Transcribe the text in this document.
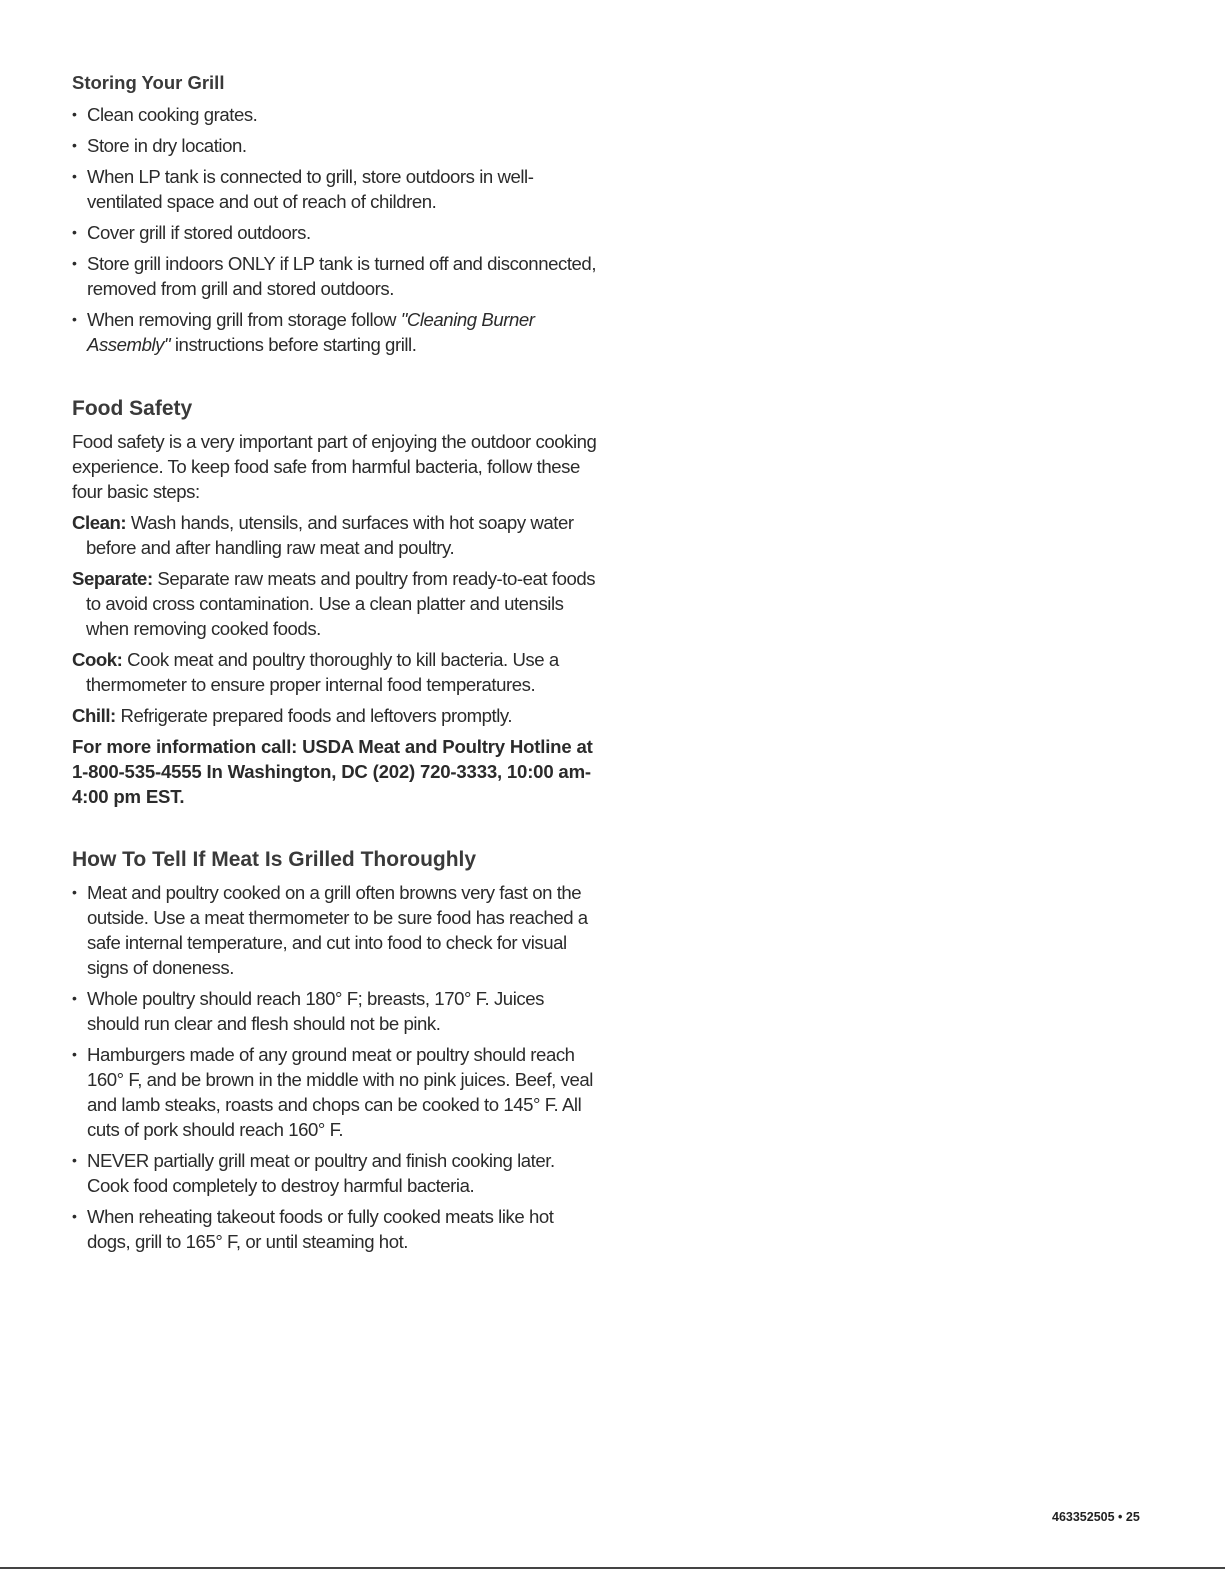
Storing Your Grill
• Clean cooking grates.
• Store in dry location.
• When LP tank is connected to grill, store outdoors in well-ventilated space and out of reach of children.
• Cover grill if stored outdoors.
• Store grill indoors ONLY if LP tank is turned off and disconnected, removed from grill and stored outdoors.
• When removing grill from storage follow "Cleaning Burner Assembly" instructions before starting grill.
Food Safety

Food safety is a very important part of enjoying the outdoor cooking experience. To keep food safe from harmful bacteria, follow these four basic steps:

Clean: Wash hands, utensils, and surfaces with hot soapy water before and after handling raw meat and poultry.

Separate: Separate raw meats and poultry from ready-to-eat foods to avoid cross contamination. Use a clean platter and utensils when removing cooked foods.

Cook: Cook meat and poultry thoroughly to kill bacteria. Use a thermometer to ensure proper internal food temperatures.

Chill: Refrigerate prepared foods and leftovers promptly.

For more information call: USDA Meat and Poultry Hotline at 1-800-535-4555 In Washington, DC (202) 720-3333, 10:00 am-4:00 pm EST.

How To Tell If Meat Is Grilled Thoroughly
• Meat and poultry cooked on a grill often browns very fast on the outside. Use a meat thermometer to be sure food has reached a safe internal temperature, and cut into food to check for visual signs of doneness.
• Whole poultry should reach 180° F; breasts, 170° F. Juices should run clear and flesh should not be pink.
• Hamburgers made of any ground meat or poultry should reach 160° F, and be brown in the middle with no pink juices. Beef, veal and lamb steaks, roasts and chops can be cooked to 145° F. All cuts of pork should reach 160° F.
• NEVER partially grill meat or poultry and finish cooking later. Cook food completely to destroy harmful bacteria.
• When reheating takeout foods or fully cooked meats like hot dogs, grill to 165° F, or until steaming hot.
463352505 • 25
